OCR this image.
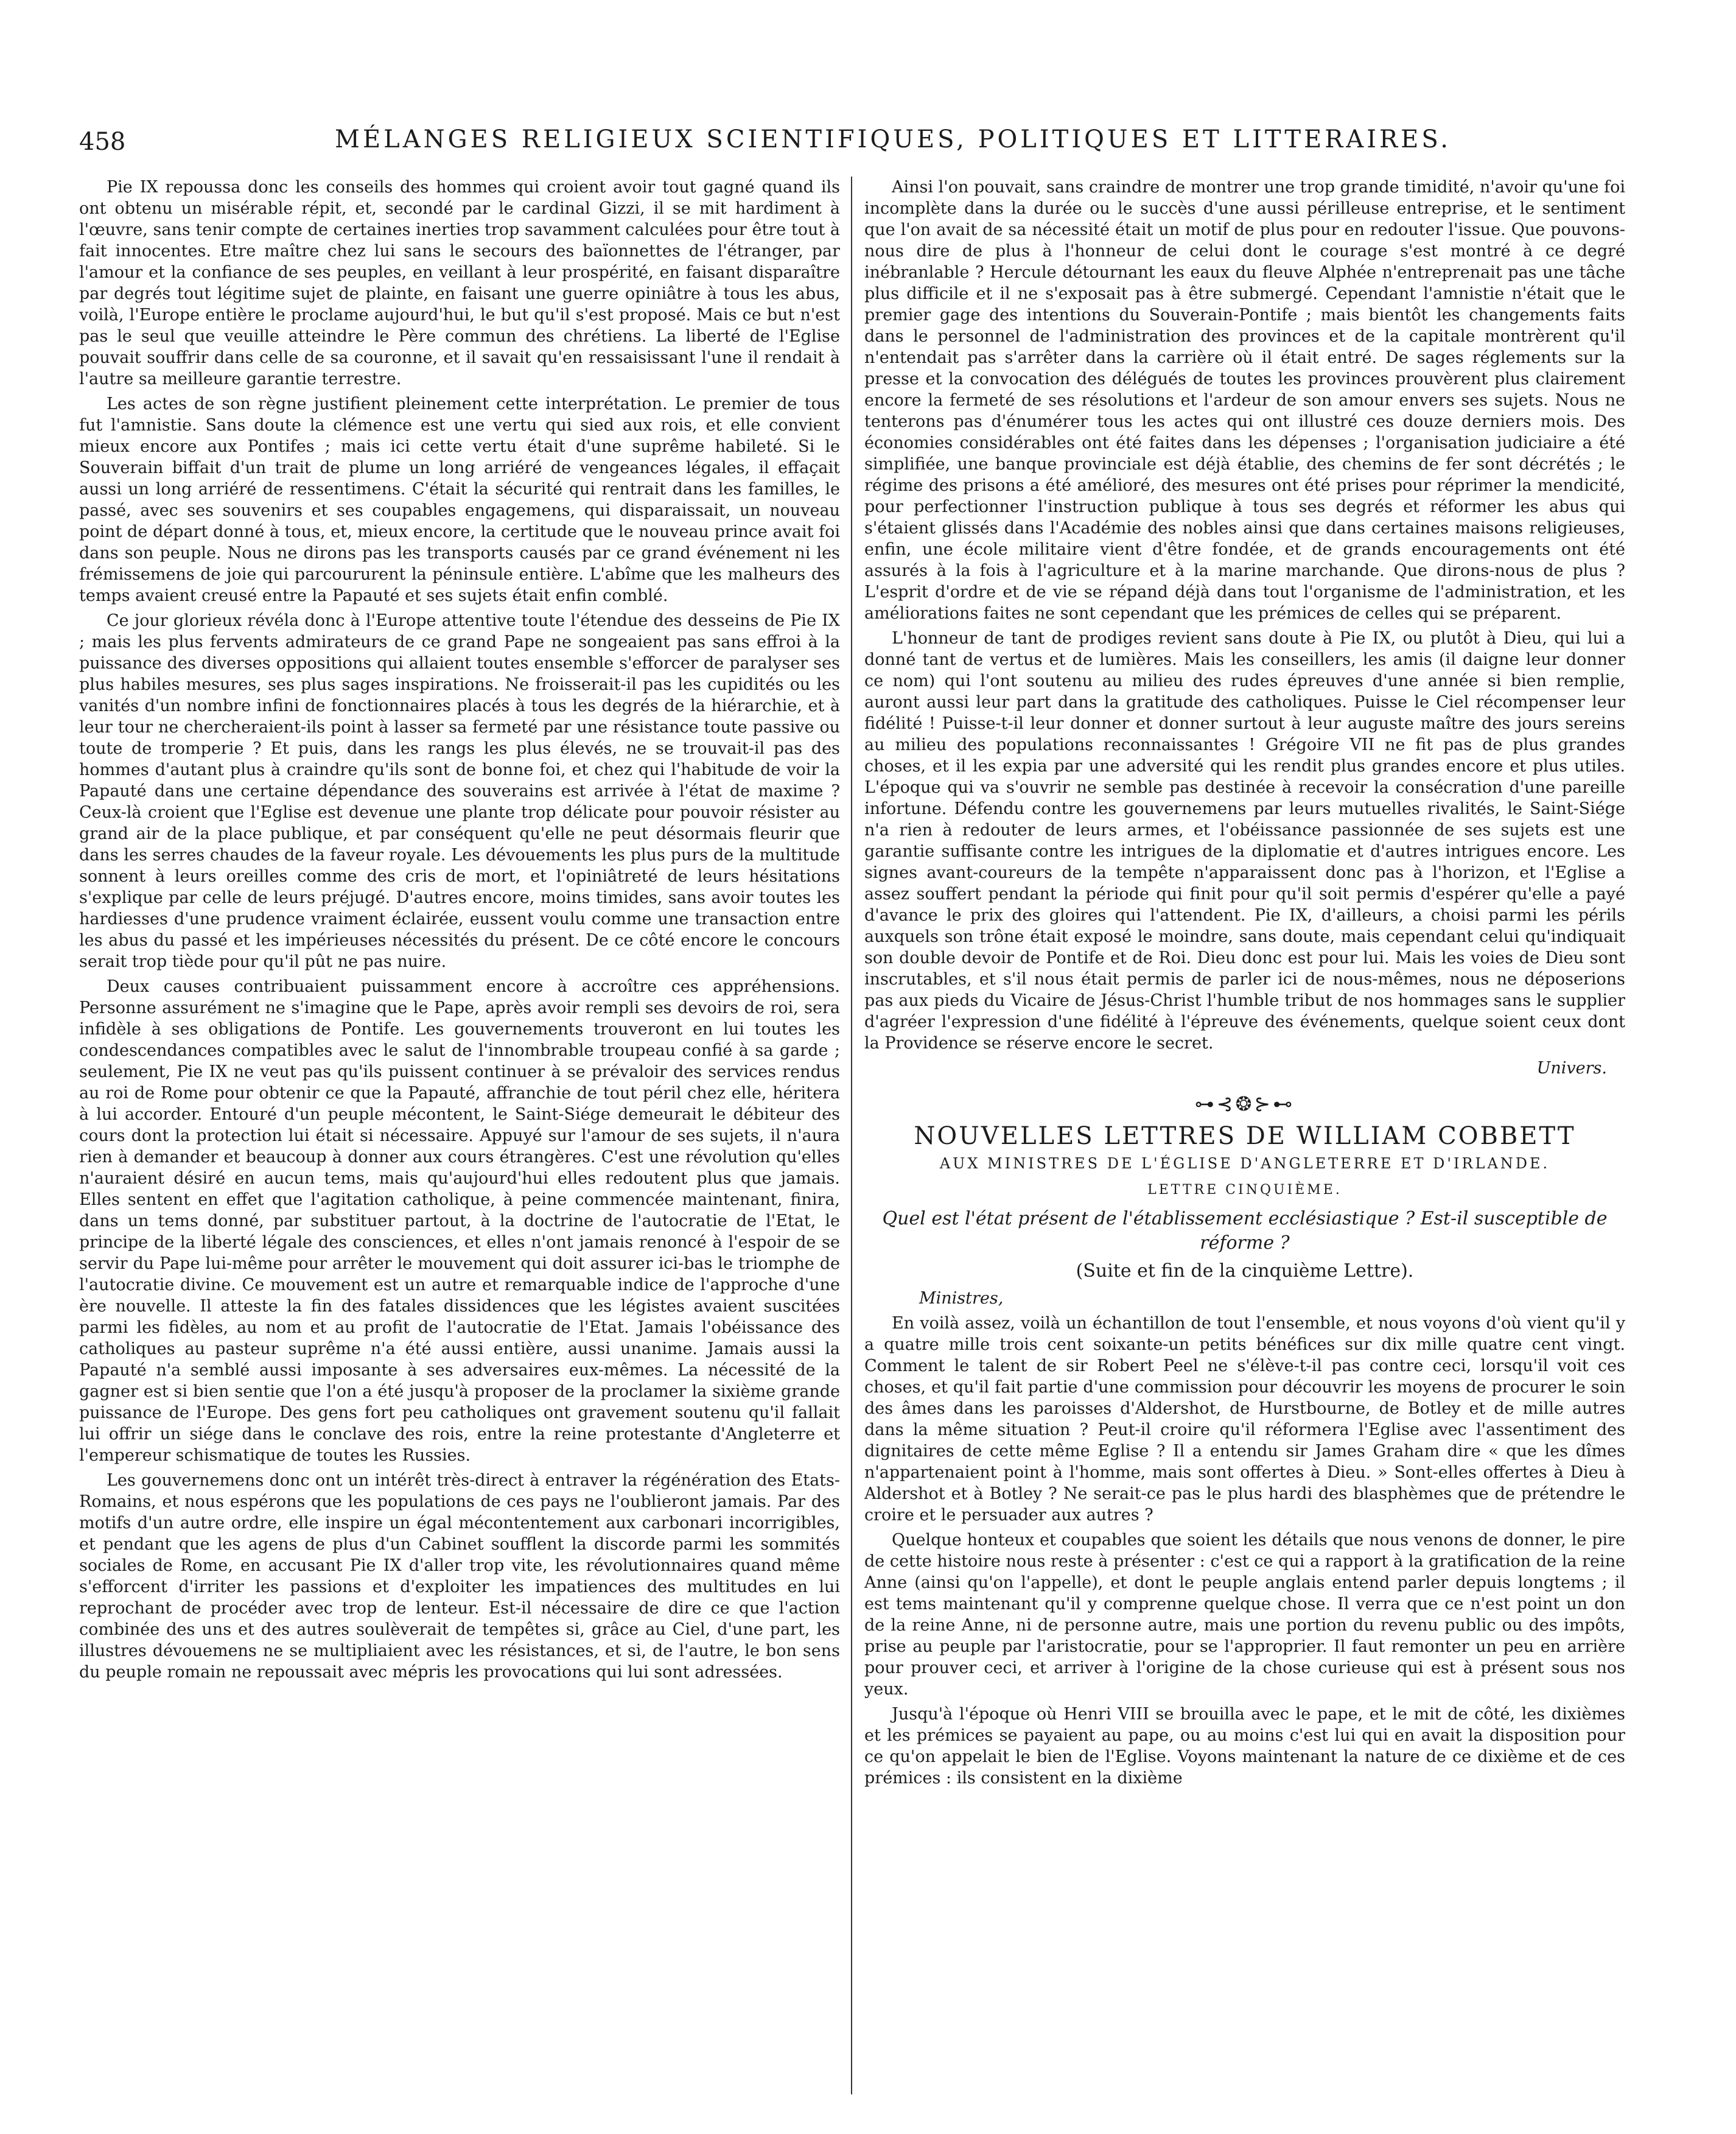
458	MÉLANGES RELIGIEUX SCIENTIFIQUES, POLITIQUES ET LITTERAIRES.

Pie IX repoussa donc les conseils des hommes qui croient avoir tout gagné quand ils ont obtenu un misérable répit, et, secondé par le cardinal Gizzi, il se mit hardiment à l'œuvre, sans tenir compte de certaines inerties trop savamment calculées pour être tout à fait innocentes. Etre maître chez lui sans le secours des baïonnettes de l'étranger, par l'amour et la confiance de ses peuples, en veillant à leur prospérité, en faisant disparaître par degrés tout légitime sujet de plainte, en faisant une guerre opiniâtre à tous les abus, voilà, l'Europe entière le proclame aujourd'hui, le but qu'il s'est proposé. Mais ce but n'est pas le seul que veuille atteindre le Père commun des chrétiens. La liberté de l'Eglise pouvait souffrir dans celle de sa couronne, et il savait qu'en ressaisissant l'une il rendait à l'autre sa meilleure garantie terrestre.

Les actes de son règne justifient pleinement cette interprétation. Le premier de tous fut l'amnistie. Sans doute la clémence est une vertu qui sied aux rois, et elle convient mieux encore aux Pontifes ; mais ici cette vertu était d'une suprême habileté. Si le Souverain biffait d'un trait de plume un long arriéré de vengeances légales, il effaçait aussi un long arriéré de ressentimens. C'était la sécurité qui rentrait dans les familles, le passé, avec ses souvenirs et ses coupables engagemens, qui disparaissait, un nouveau point de départ donné à tous, et, mieux encore, la certitude que le nouveau prince avait foi dans son peuple. Nous ne dirons pas les transports causés par ce grand événement ni les frémissemens de joie qui parcoururent la péninsule entière. L'abîme que les malheurs des temps avaient creusé entre la Papauté et ses sujets était enfin comblé.

Ce jour glorieux révéla donc à l'Europe attentive toute l'étendue des desseins de Pie IX ; mais les plus fervents admirateurs de ce grand Pape ne songeaient pas sans effroi à la puissance des diverses oppositions qui allaient toutes ensemble s'efforcer de paralyser ses plus habiles mesures, ses plus sages inspirations. Ne froisserait-il pas les cupidités ou les vanités d'un nombre infini de fonctionnaires placés à tous les degrés de la hiérarchie, et à leur tour ne chercheraient-ils point à lasser sa fermeté par une résistance toute passive ou toute de tromperie ? Et puis, dans les rangs les plus élevés, ne se trouvait-il pas des hommes d'autant plus à craindre qu'ils sont de bonne foi, et chez qui l'habitude de voir la Papauté dans une certaine dépendance des souverains est arrivée à l'état de maxime ? Ceux-là croient que l'Eglise est devenue une plante trop délicate pour pouvoir résister au grand air de la place publique, et par conséquent qu'elle ne peut désormais fleurir que dans les serres chaudes de la faveur royale. Les dévouements les plus purs de la multitude sonnent à leurs oreilles comme des cris de mort, et l'opiniâtreté de leurs hésitations s'explique par celle de leurs préjugé. D'autres encore, moins timides, sans avoir toutes les hardiesses d'une prudence vraiment éclairée, eussent voulu comme une transaction entre les abus du passé et les impérieuses nécessités du présent. De ce côté encore le concours serait trop tiède pour qu'il pût ne pas nuire.

Deux causes contribuaient puissamment encore à accroître ces appréhensions. Personne assurément ne s'imagine que le Pape, après avoir rempli ses devoirs de roi, sera infidèle à ses obligations de Pontife. Les gouvernements trouveront en lui toutes les condescendances compatibles avec le salut de l'innombrable troupeau confié à sa garde ; seulement, Pie IX ne veut pas qu'ils puissent continuer à se prévaloir des services rendus au roi de Rome pour obtenir ce que la Papauté, affranchie de tout péril chez elle, héritera à lui accorder. Entouré d'un peuple mécontent, le Saint-Siége demeurait le débiteur des cours dont la protection lui était si nécessaire. Appuyé sur l'amour de ses sujets, il n'aura rien à demander et beaucoup à donner aux cours étrangères. C'est une révolution qu'elles n'auraient désiré en aucun tems, mais qu'aujourd'hui elles redoutent plus que jamais. Elles sentent en effet que l'agitation catholique, à peine commencée maintenant, finira, dans un tems donné, par substituer partout, à la doctrine de l'autocratie de l'Etat, le principe de la liberté légale des consciences, et elles n'ont jamais renoncé à l'espoir de se servir du Pape lui-même pour arrêter le mouvement qui doit assurer ici-bas le triomphe de l'autocratie divine. Ce mouvement est un autre et remarquable indice de l'approche d'une ère nouvelle. Il atteste la fin des fatales dissidences que les légistes avaient suscitées parmi les fidèles, au nom et au profit de l'autocratie de l'Etat. Jamais l'obéissance des catholiques au pasteur suprême n'a été aussi entière, aussi unanime. Jamais aussi la Papauté n'a semblé aussi imposante à ses adversaires eux-mêmes. La nécessité de la gagner est si bien sentie que l'on a été jusqu'à proposer de la proclamer la sixième grande puissance de l'Europe. Des gens fort peu catholiques ont gravement soutenu qu'il fallait lui offrir un siége dans le conclave des rois, entre la reine protestante d'Angleterre et l'empereur schismatique de toutes les Russies.

Les gouvernemens donc ont un intérêt très-direct à entraver la régénération des Etats-Romains, et nous espérons que les populations de ces pays ne l'oublieront jamais. Par des motifs d'un autre ordre, elle inspire un égal mécontentement aux carbonari incorrigibles, et pendant que les agens de plus d'un Cabinet soufflent la discorde parmi les sommités sociales de Rome, en accusant Pie IX d'aller trop vite, les révolutionnaires quand même s'efforcent d'irriter les passions et d'exploiter les impatiences des multitudes en lui reprochant de procéder avec trop de lenteur. Est-il nécessaire de dire ce que l'action combinée des uns et des autres soulèverait de tempêtes si, grâce au Ciel, d'une part, les illustres dévouemens ne se multipliaient avec les résistances, et si, de l'autre, le bon sens du peuple romain ne repoussait avec mépris les provocations qui lui sont adressées.

Ainsi l'on pouvait, sans craindre de montrer une trop grande timidité, n'avoir qu'une foi incomplète dans la durée ou le succès d'une aussi périlleuse entreprise, et le sentiment que l'on avait de sa nécessité était un motif de plus pour en redouter l'issue. Que pouvons-nous dire de plus à l'honneur de celui dont le courage s'est montré à ce degré inébranlable ? Hercule détournant les eaux du fleuve Alphée n'entreprenait pas une tâche plus difficile et il ne s'exposait pas à être submergé. Cependant l'amnistie n'était que le premier gage des intentions du Souverain-Pontife ; mais bientôt les changements faits dans le personnel de l'administration des provinces et de la capitale montrèrent qu'il n'entendait pas s'arrêter dans la carrière où il était entré. De sages réglements sur la presse et la convocation des délégués de toutes les provinces prouvèrent plus clairement encore la fermeté de ses résolutions et l'ardeur de son amour envers ses sujets. Nous ne tenterons pas d'énumérer tous les actes qui ont illustré ces douze derniers mois. Des économies considérables ont été faites dans les dépenses ; l'organisation judiciaire a été simplifiée, une banque provinciale est déjà établie, des chemins de fer sont décrétés ; le régime des prisons a été amélioré, des mesures ont été prises pour réprimer la mendicité, pour perfectionner l'instruction publique à tous ses degrés et réformer les abus qui s'étaient glissés dans l'Académie des nobles ainsi que dans certaines maisons religieuses, enfin, une école militaire vient d'être fondée, et de grands encouragements ont été assurés à la fois à l'agriculture et à la marine marchande. Que dirons-nous de plus ? L'esprit d'ordre et de vie se répand déjà dans tout l'organisme de l'administration, et les améliorations faites ne sont cependant que les prémices de celles qui se préparent.

L'honneur de tant de prodiges revient sans doute à Pie IX, ou plutôt à Dieu, qui lui a donné tant de vertus et de lumières. Mais les conseillers, les amis (il daigne leur donner ce nom) qui l'ont soutenu au milieu des rudes épreuves d'une année si bien remplie, auront aussi leur part dans la gratitude des catholiques. Puisse le Ciel récompenser leur fidélité ! Puisse-t-il leur donner et donner surtout à leur auguste maître des jours sereins au milieu des populations reconnaissantes ! Grégoire VII ne fit pas de plus grandes choses, et il les expia par une adversité qui les rendit plus grandes encore et plus utiles. L'époque qui va s'ouvrir ne semble pas destinée à recevoir la consécration d'une pareille infortune. Défendu contre les gouvernemens par leurs mutuelles rivalités, le Saint-Siége n'a rien à redouter de leurs armes, et l'obéissance passionnée de ses sujets est une garantie suffisante contre les intrigues de la diplomatie et d'autres intrigues encore. Les signes avant-coureurs de la tempête n'apparaissent donc pas à l'horizon, et l'Eglise a assez souffert pendant la période qui finit pour qu'il soit permis d'espérer qu'elle a payé d'avance le prix des gloires qui l'attendent. Pie IX, d'ailleurs, a choisi parmi les périls auxquels son trône était exposé le moindre, sans doute, mais cependant celui qu'indiquait son double devoir de Pontife et de Roi. Dieu donc est pour lui. Mais les voies de Dieu sont inscrutables, et s'il nous était permis de parler ici de nous-mêmes, nous ne déposerions pas aux pieds du Vicaire de Jésus-Christ l'humble tribut de nos hommages sans le supplier d'agréer l'expression d'une fidélité à l'épreuve des événements, quelque soient ceux dont la Providence se réserve encore le secret.

Univers.

⊶⊰❂⊱⊷
NOUVELLES LETTRES DE WILLIAM COBBETT
AUX MINISTRES DE L'ÉGLISE D'ANGLETERRE ET D'IRLANDE.
LETTRE CINQUIÈME.
Quel est l'état présent de l'établissement ecclésiastique ? Est-il susceptible de réforme ?
(Suite et fin de la cinquième Lettre).

Ministres,

En voilà assez, voilà un échantillon de tout l'ensemble, et nous voyons d'où vient qu'il y a quatre mille trois cent soixante-un petits bénéfices sur dix mille quatre cent vingt. Comment le talent de sir Robert Peel ne s'élève-t-il pas contre ceci, lorsqu'il voit ces choses, et qu'il fait partie d'une commission pour découvrir les moyens de procurer le soin des âmes dans les paroisses d'Aldershot, de Hurstbourne, de Botley et de mille autres dans la même situation ? Peut-il croire qu'il réformera l'Eglise avec l'assentiment des dignitaires de cette même Eglise ? Il a entendu sir James Graham dire « que les dîmes n'appartenaient point à l'homme, mais sont offertes à Dieu. » Sont-elles offertes à Dieu à Aldershot et à Botley ? Ne serait-ce pas le plus hardi des blasphèmes que de prétendre le croire et le persuader aux autres ?

Quelque honteux et coupables que soient les détails que nous venons de donner, le pire de cette histoire nous reste à présenter : c'est ce qui a rapport à la gratification de la reine Anne (ainsi qu'on l'appelle), et dont le peuple anglais entend parler depuis longtems ; il est tems maintenant qu'il y comprenne quelque chose. Il verra que ce n'est point un don de la reine Anne, ni de personne autre, mais une portion du revenu public ou des impôts, prise au peuple par l'aristocratie, pour se l'approprier. Il faut remonter un peu en arrière pour prouver ceci, et arriver à l'origine de la chose curieuse qui est à présent sous nos yeux.

Jusqu'à l'époque où Henri VIII se brouilla avec le pape, et le mit de côté, les dixièmes et les prémices se payaient au pape, ou au moins c'est lui qui en avait la disposition pour ce qu'on appelait le bien de l'Eglise. Voyons maintenant la nature de ce dixième et de ces prémices : ils consistent en la dixième
